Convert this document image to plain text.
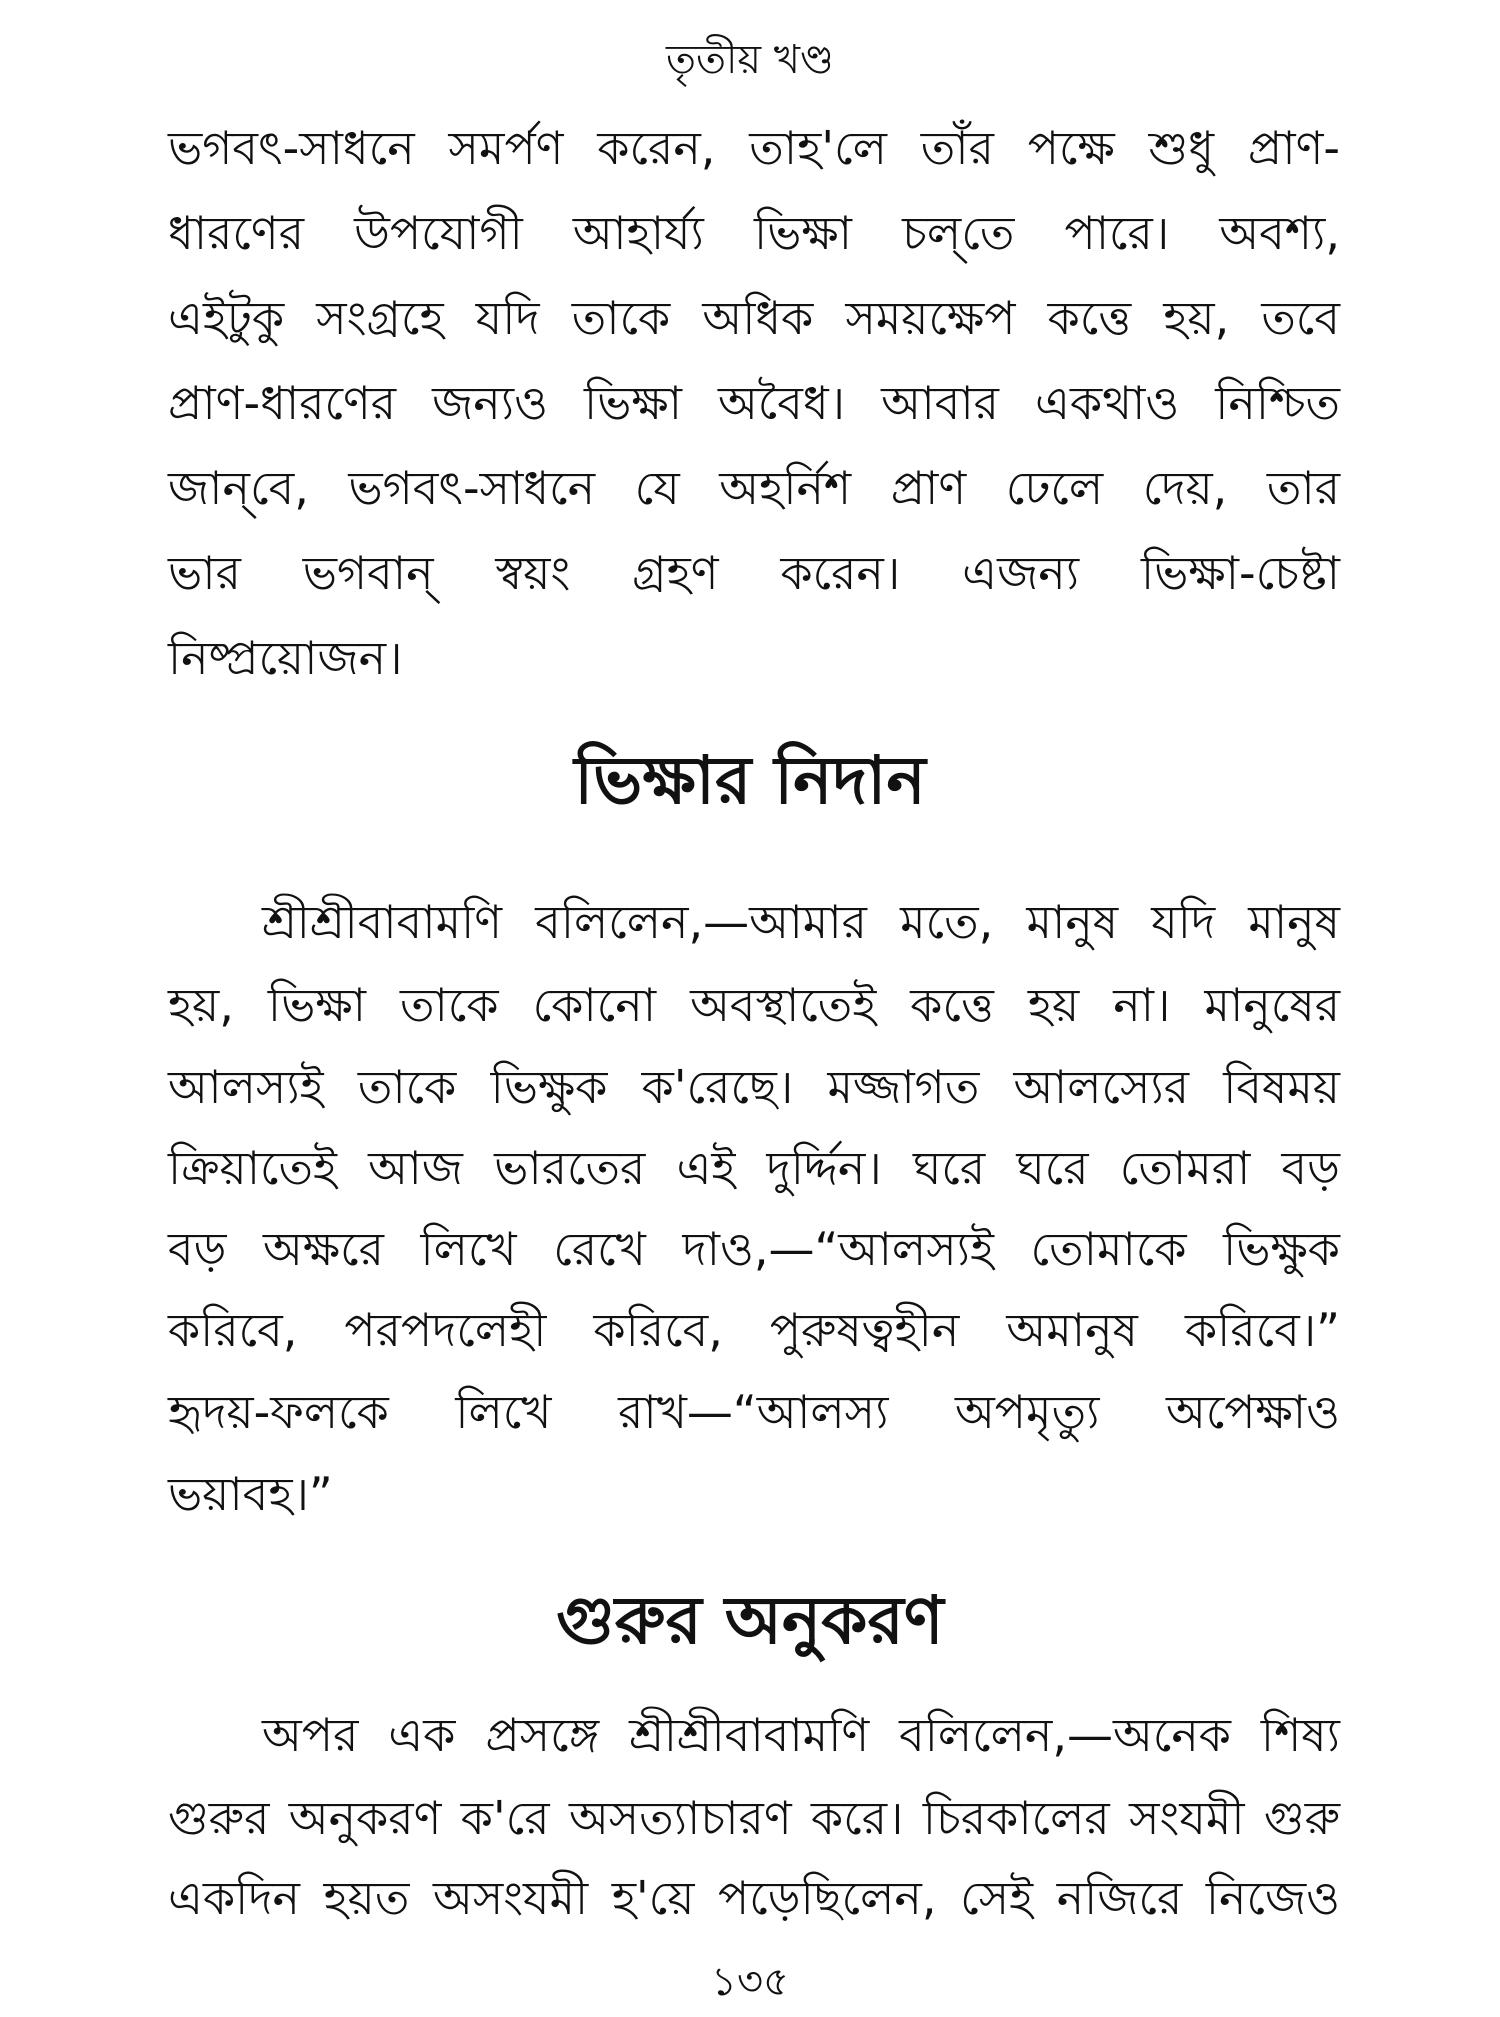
তৃতীয় খণ্ড
ভগবৎ-সাধনে সমর্পণ করেন, তাহ'লে তাঁর পক্ষে শুধু প্রাণ-
ধারণের উপযোগী আহার্য্য ভিক্ষা চল্‌তে পারে। অবশ্য,
এইটুকু সংগ্রহে যদি তাকে অধিক সময়ক্ষেপ কত্তে হয়, তবে
প্রাণ-ধারণের জন্যও ভিক্ষা অবৈধ। আবার একথাও নিশ্চিত
জান্‌বে, ভগবৎ-সাধনে যে অহর্নিশ প্রাণ ঢেলে দেয়, তার
ভার ভগবান্‌ স্বয়ং গ্রহণ করেন। এজন্য ভিক্ষা-চেষ্টা
নিষ্প্রয়োজন।
ভিক্ষার নিদান
শ্রীশ্রীবাবামণি বলিলেন,—আমার মতে, মানুষ যদি মানুষ
হয়, ভিক্ষা তাকে কোনো অবস্থাতেই কত্তে হয় না। মানুষের
আলস্যই তাকে ভিক্ষুক ক'রেছে। মজ্জাগত আলস্যের বিষময়
ক্রিয়াতেই আজ ভারতের এই দুর্দ্দিন। ঘরে ঘরে তোমরা বড়
বড় অক্ষরে লিখে রেখে দাও,—“আলস্যই তোমাকে ভিক্ষুক
করিবে, পরপদলেহী করিবে, পুরুষত্বহীন অমানুষ করিবে।”
হৃদয়-ফলকে লিখে রাখ—“আলস্য অপমৃত্যু অপেক্ষাও
ভয়াবহ।”
গুরুর অনুকরণ
অপর এক প্রসঙ্গে শ্রীশ্রীবাবামণি বলিলেন,—অনেক শিষ্য
গুরুর অনুকরণ ক'রে অসত্যাচারণ করে। চিরকালের সংযমী গুরু
একদিন হয়ত অসংযমী হ'য়ে পড়েছিলেন, সেই নজিরে নিজেও
১৩৫
